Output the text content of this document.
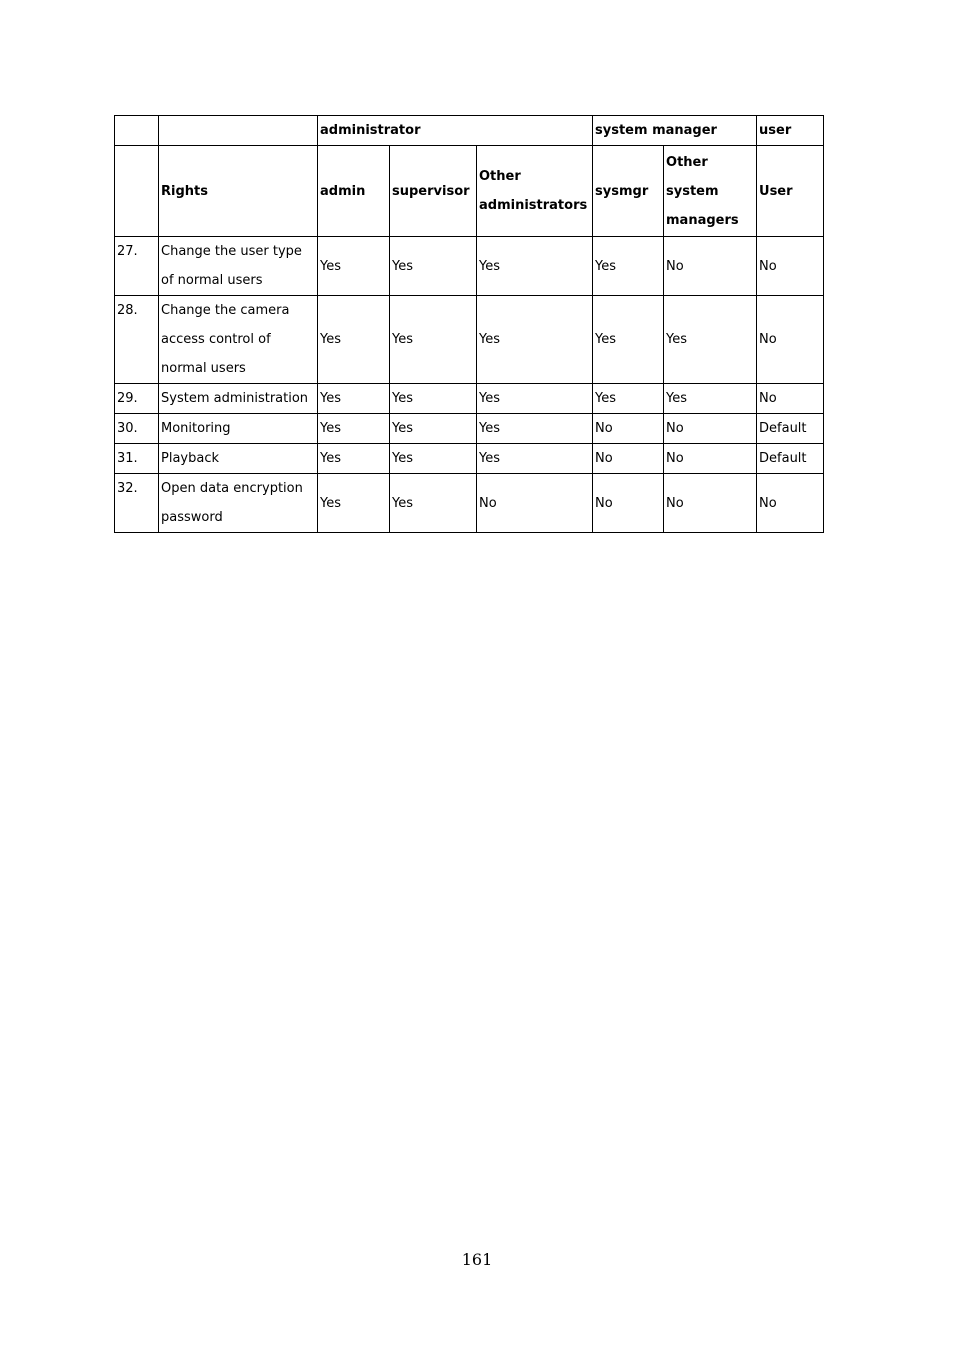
		administrator			system manager		user
	Rights	admin	supervisor	Other administrators	sysmgr	Other system managers	User
27.	Change the user type of normal users	Yes	Yes	Yes	Yes	No	No
28.	Change the camera access control of normal users	Yes	Yes	Yes	Yes	Yes	No
29.	System administration	Yes	Yes	Yes	Yes	Yes	No
30.	Monitoring	Yes	Yes	Yes	No	No	Default
31.	Playback	Yes	Yes	Yes	No	No	Default
32.	Open data encryption password	Yes	Yes	No	No	No	No
161
